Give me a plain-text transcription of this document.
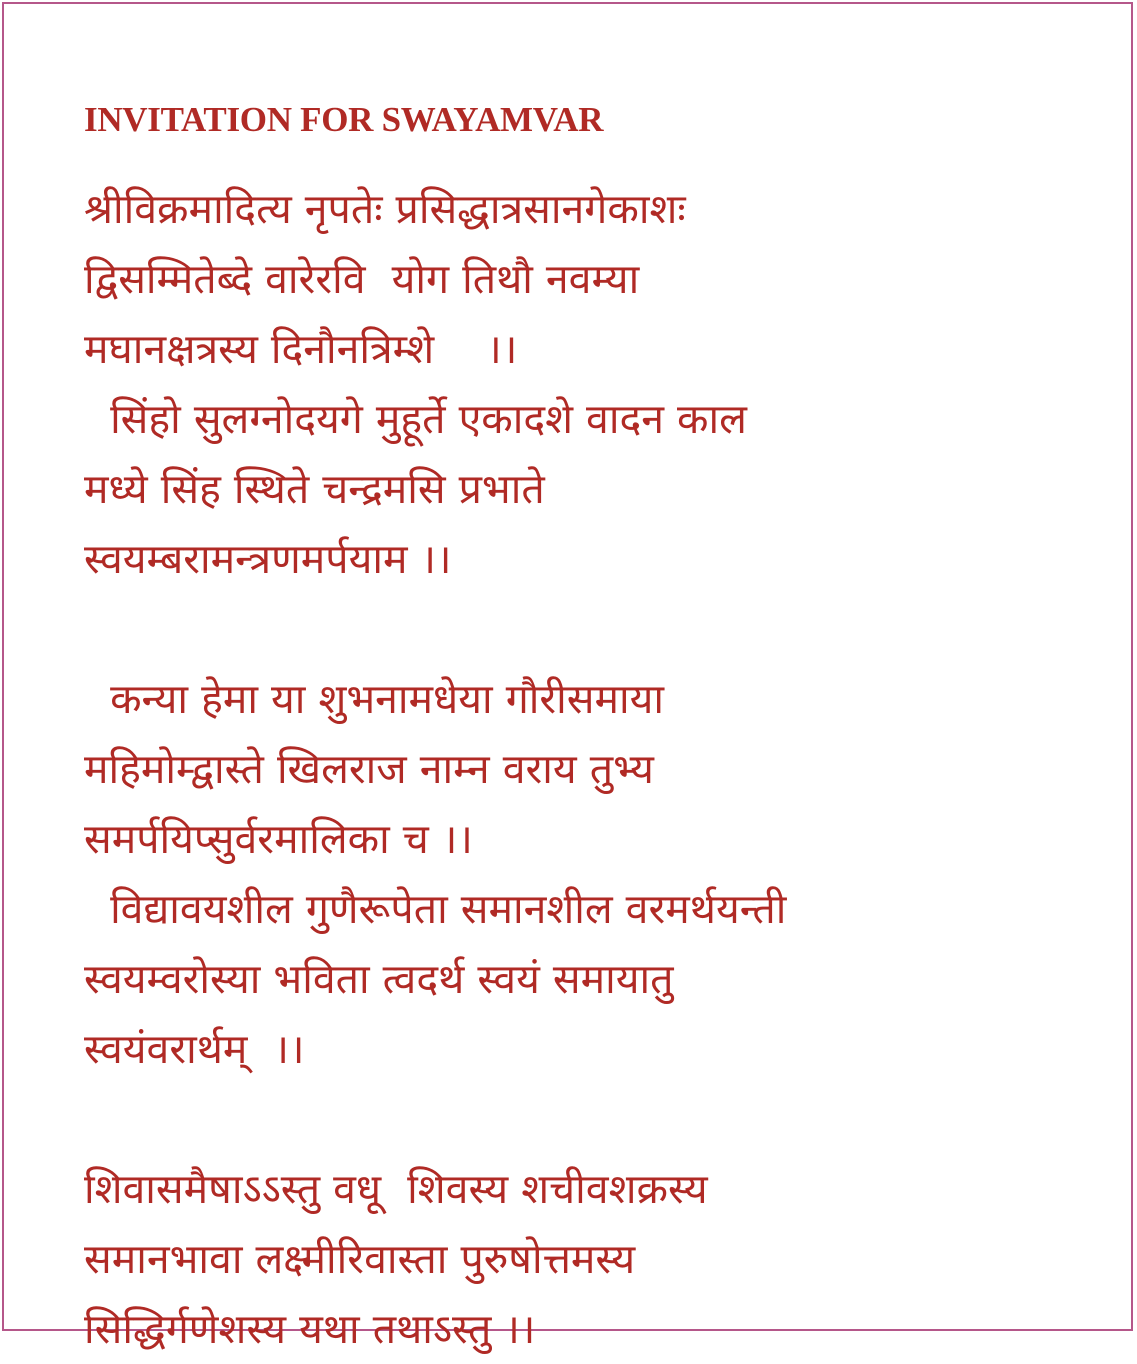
INVITATION FOR SWAYAMVAR
श्रीविक्रमादित्य नृपतेः प्रसिद्धात्रसानगेकाशः
द्विसम्मितेब्दे वारेरवि  योग तिथौ नवम्या
मघानक्षत्रस्य दिनौनत्रिम्शे    ।।
सिंहो सुलग्नोदयगे मुहूर्ते एकादशे वादन काल
मध्ये सिंह स्थिते चन्द्रमसि प्रभाते
स्वयम्बरामन्त्रणमर्पयाम ।।
कन्या हेमा या शुभनामधेया गौरीसमाया
महिमोम्द्वास्ते खिलराज नाम्न वराय तुभ्य
समर्पयिप्सुर्वरमालिका च ।।
विद्यावयशील गुणैरूपेता समानशील वरमर्थयन्ती
स्वयम्वरोस्या भविता त्वदर्थ स्वयं समायातु
स्वयंवरार्थम्  ।।
शिवासमैषाऽऽस्तु वधू  शिवस्य शचीवशक्रस्य
समानभावा लक्ष्मीरिवास्ता पुरुषोत्तमस्य
सिद्धिर्गणेशस्य यथा तथाऽस्तु ।।
